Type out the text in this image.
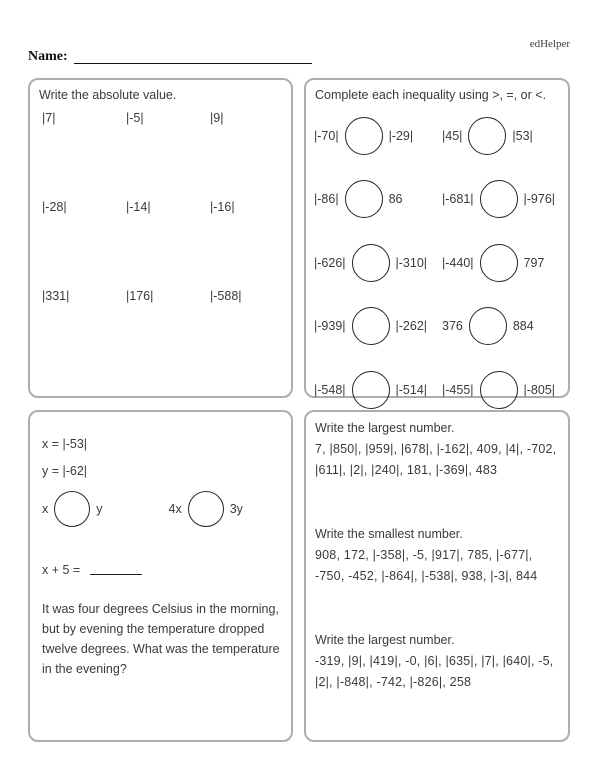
edHelper
Name:
Write the absolute value.
|7|	|-5|	|9|
|-28|	|-14|	|-16|
|331|	|176|	|-588|
Complete each inequality using >, =, or <.
|-70|	|-29| |45|	|53|
|-86|	86	|-681|	|-976|
|-626|	|-310| |-440|	797
|-939|	|-262| 376	884
|-548|	|-514| |-455|	|-805|
x = |-53|
y = |-62|
x	y	4x	3y
x + 5 =
It was four degrees Celsius in the morning, but by evening the temperature dropped twelve degrees. What was the temperature in the evening?
Write the largest number.
7, |850|, |959|, |678|, |-162|, 409, |4|, -702, |611|, |2|, |240|, 181, |-369|, 483
Write the smallest number.
908, 172, |-358|, -5, |917|, 785, |-677|, -750, -452, |-864|, |-538|, 938, |-3|, 844
Write the largest number.
-319, |9|, |419|, -0, |6|, |635|, |7|, |640|, -5, |2|, |-848|, -742, |-826|, 258
